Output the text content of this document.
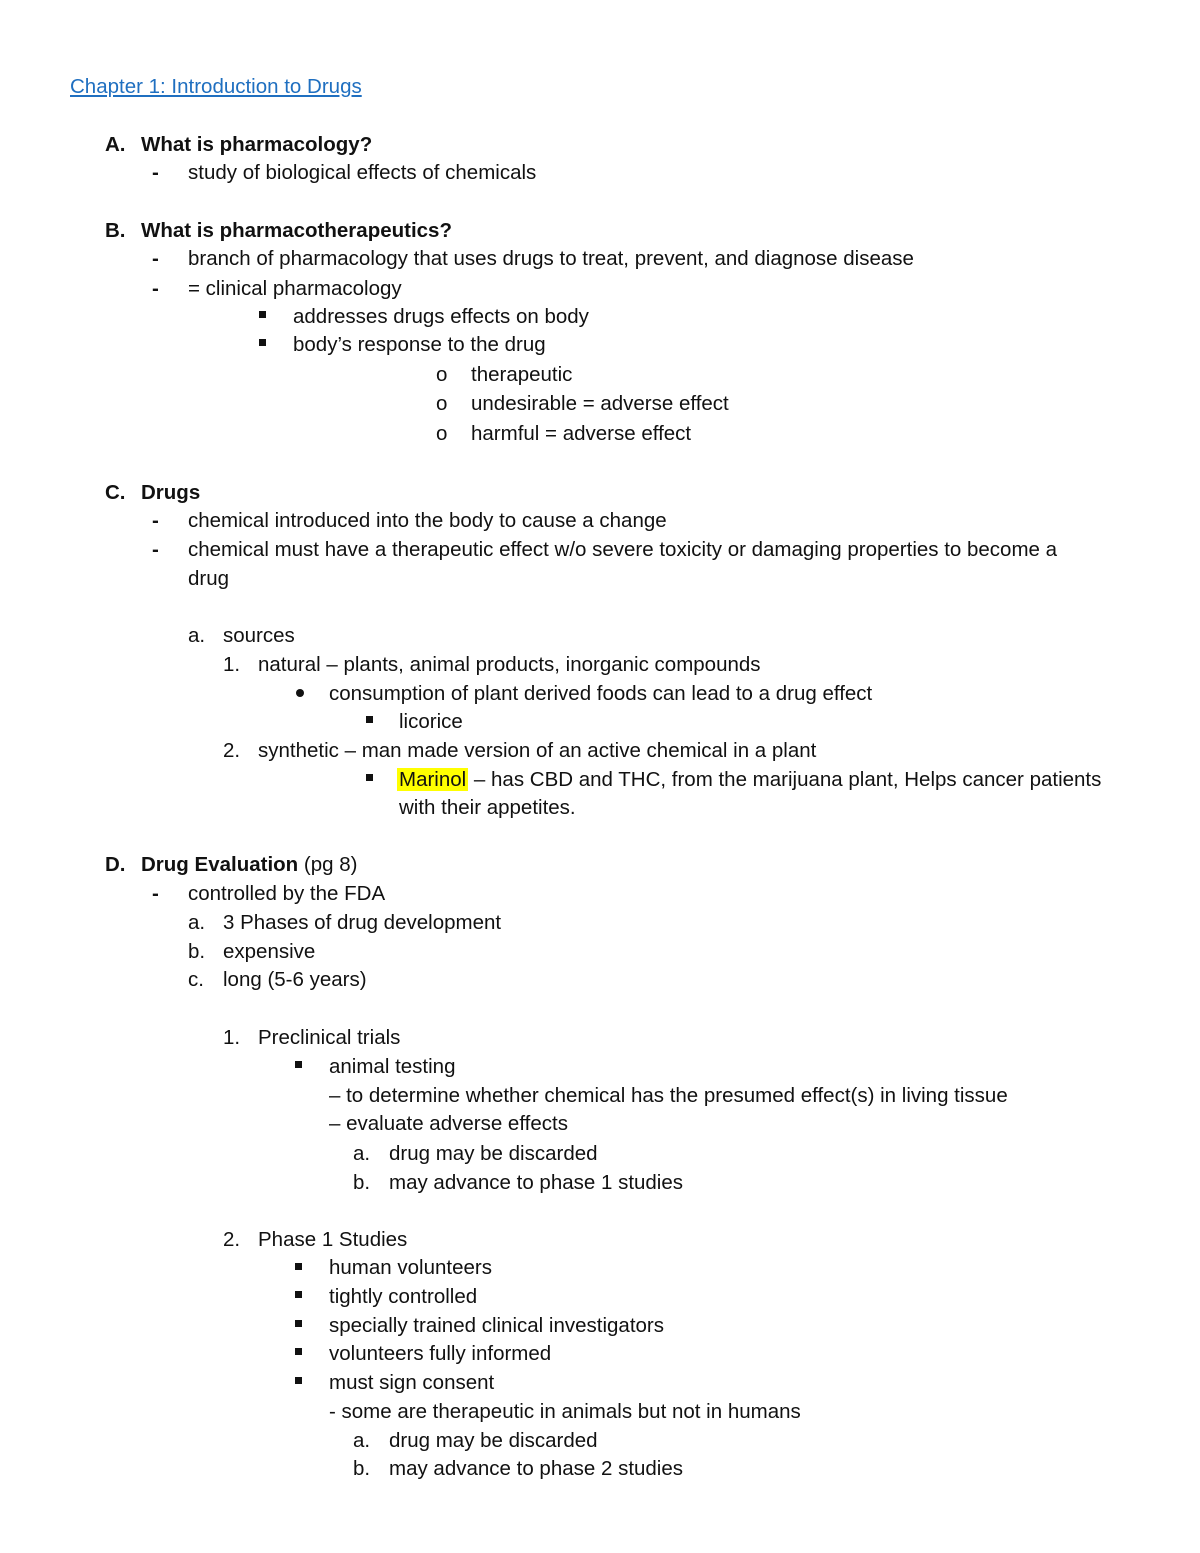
Chapter 1: Introduction to Drugs
A. What is pharmacology?
- study of biological effects of chemicals
B. What is pharmacotherapeutics?
- branch of pharmacology that uses drugs to treat, prevent, and diagnose disease
- = clinical pharmacology
addresses drugs effects on body
body’s response to the drug
o therapeutic
o undesirable = adverse effect
o harmful = adverse effect
C. Drugs
- chemical introduced into the body to cause a change
- chemical must have a therapeutic effect w/o severe toxicity or damaging properties to become a
drug
a. sources
1. natural – plants, animal products, inorganic compounds
consumption of plant derived foods can lead to a drug effect
licorice
2. synthetic – man made version of an active chemical in a plant
Marinol – has CBD and THC, from the marijuana plant, Helps cancer patients
with their appetites.
D. Drug Evaluation (pg 8)
- controlled by the FDA
a. 3 Phases of drug development
b. expensive
c. long (5-6 years)
1. Preclinical trials
animal testing
– to determine whether chemical has the presumed effect(s) in living tissue
– evaluate adverse effects
a. drug may be discarded
b. may advance to phase 1 studies
2. Phase 1 Studies
human volunteers
tightly controlled
specially trained clinical investigators
volunteers fully informed
must sign consent
- some are therapeutic in animals but not in humans
a. drug may be discarded
b. may advance to phase 2 studies
